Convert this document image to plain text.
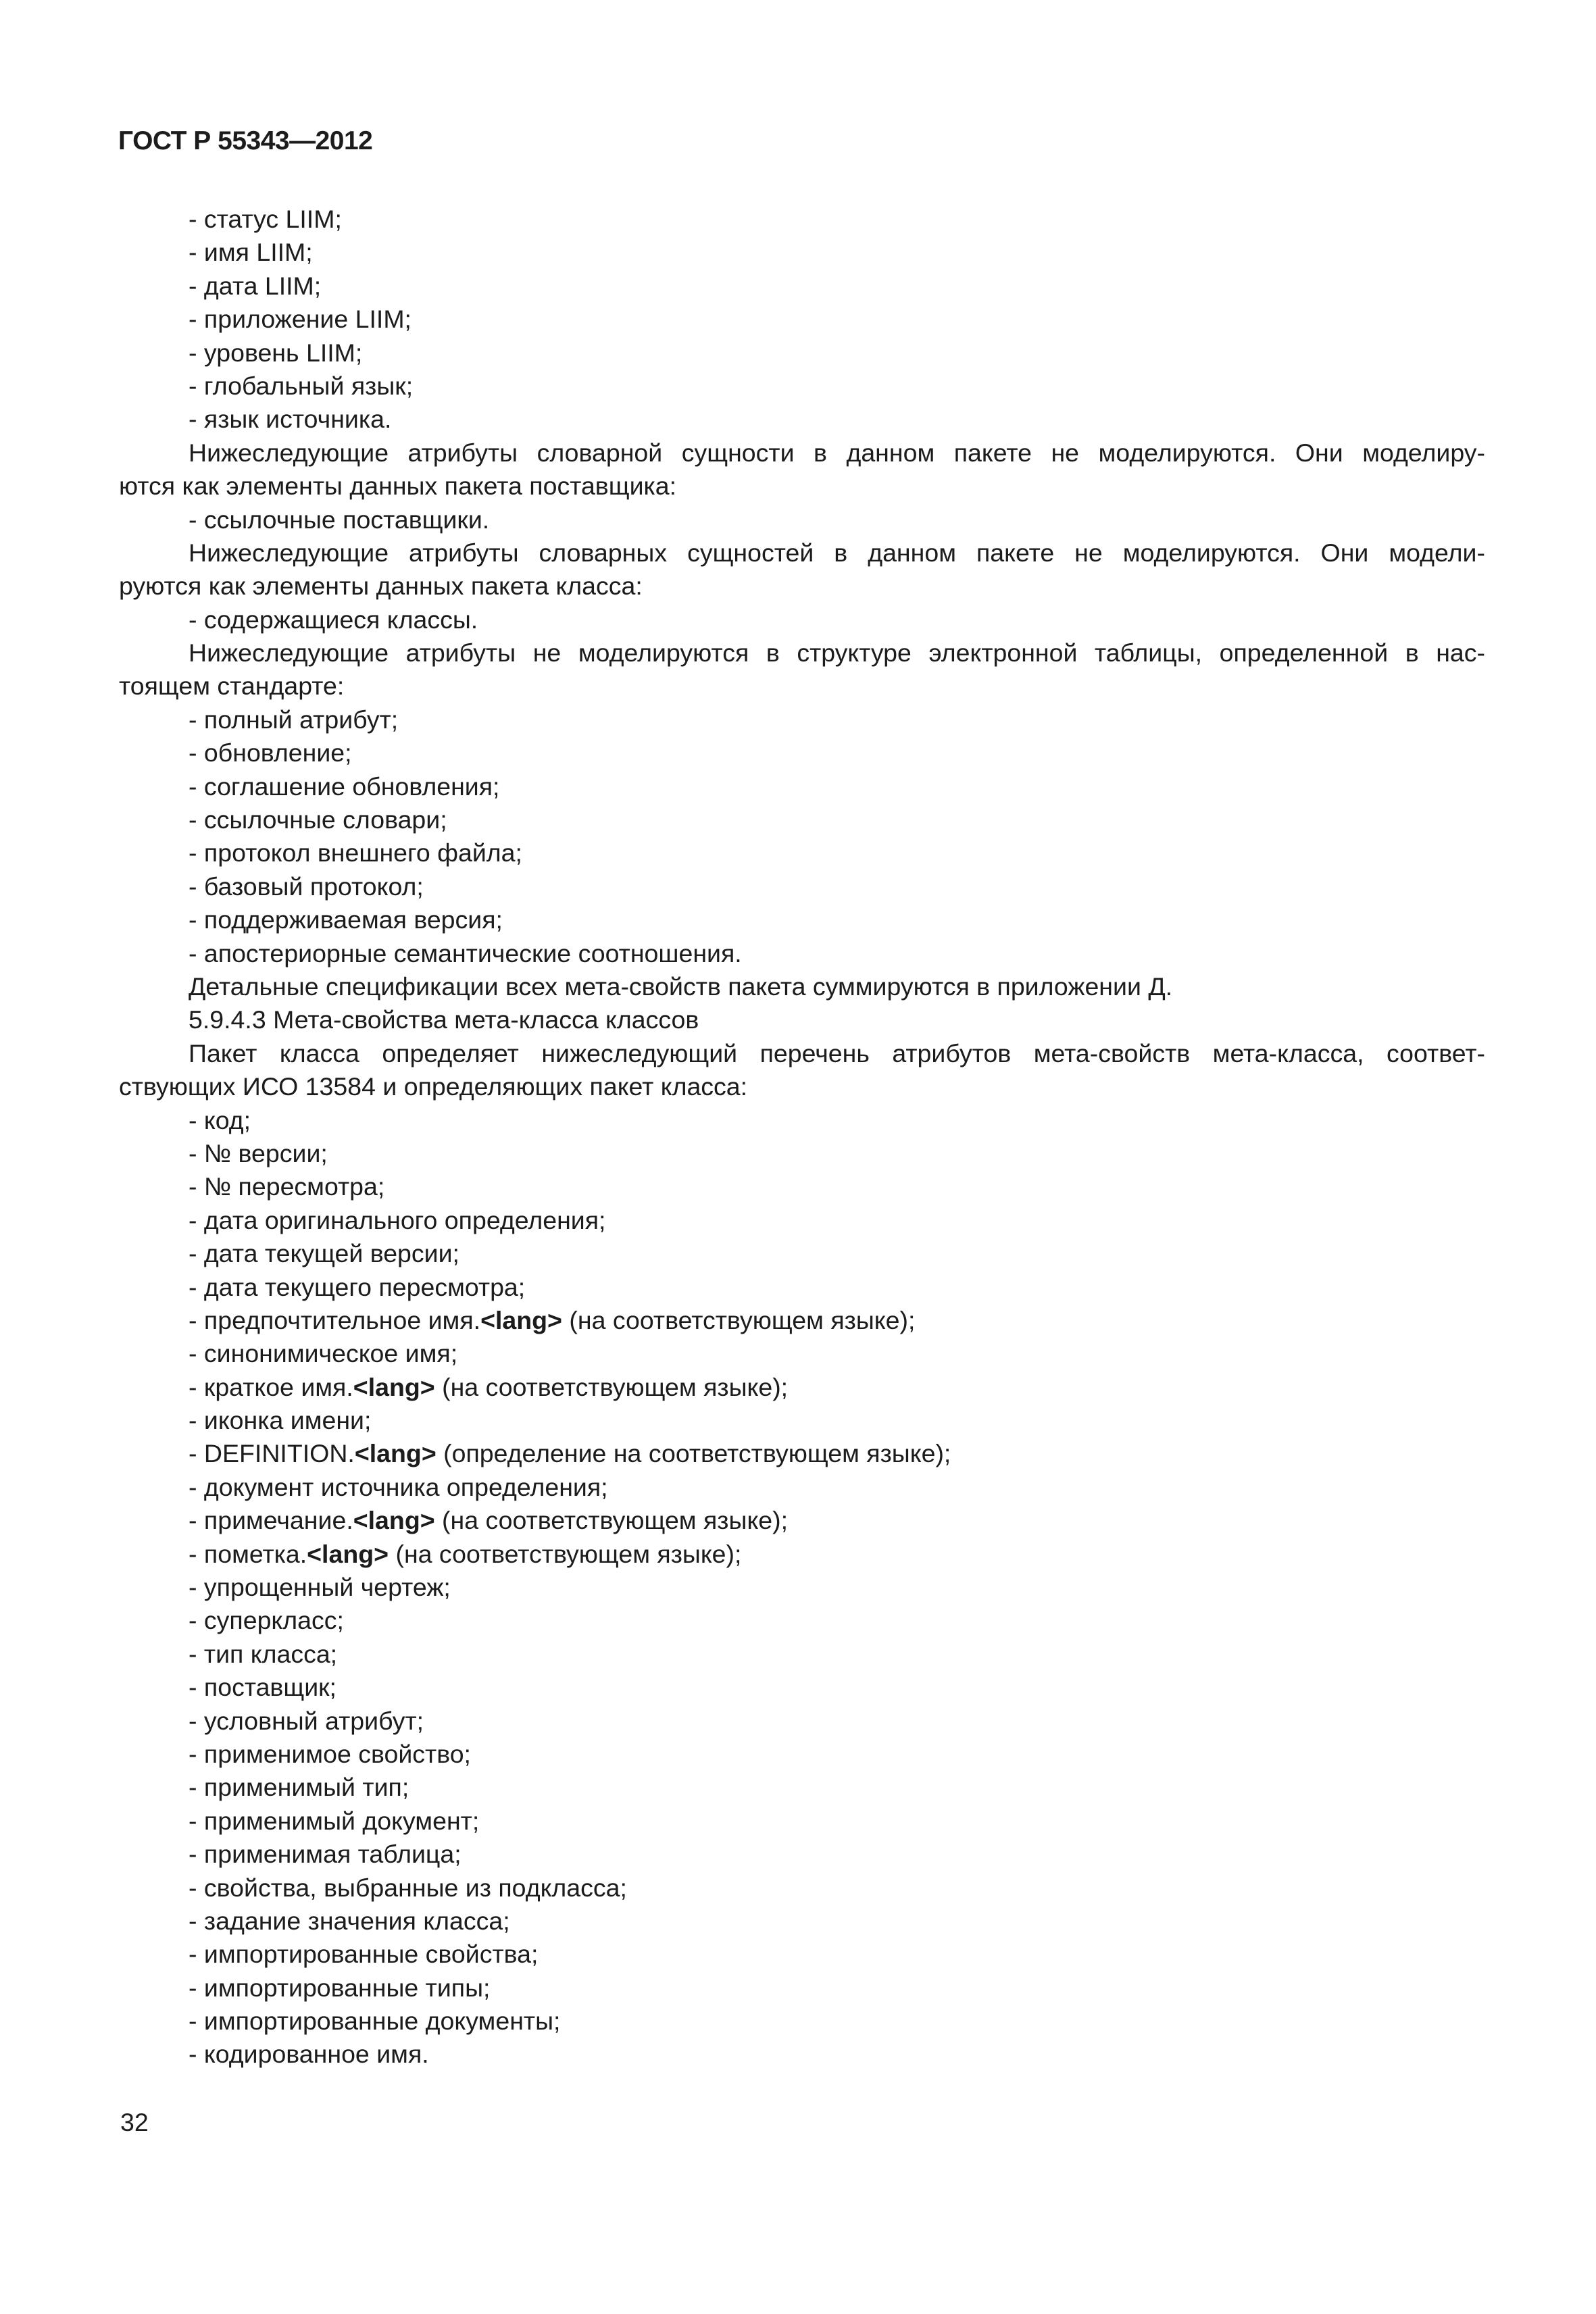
ГОСТ Р 55343—2012
- статус LIIM;
- имя LIIM;
- дата LIIM;
- приложение LIIM;
- уровень LIIM;
- глобальный язык;
- язык источника.
Нижеследующие атрибуты словарной сущности в данном пакете не моделируются. Они моделиру-
ются как элементы данных пакета поставщика:
- ссылочные поставщики.
Нижеследующие атрибуты словарных сущностей в данном пакете не моделируются. Они модели-
руются как элементы данных пакета класса:
- содержащиеся классы.
Нижеследующие атрибуты не моделируются в структуре электронной таблицы, определенной в нас-
тоящем стандарте:
- полный атрибут;
- обновление;
- соглашение обновления;
- ссылочные словари;
- протокол внешнего файла;
- базовый протокол;
- поддерживаемая версия;
- апостериорные семантические соотношения.
Детальные спецификации всех мета-свойств пакета суммируются в приложении Д.
5.9.4.3 Мета-свойства мета-класса классов
Пакет класса определяет нижеследующий перечень атрибутов мета-свойств мета-класса, соответ-
ствующих ИСО 13584 и определяющих пакет класса:
- код;
- № версии;
- № пересмотра;
- дата оригинального определения;
- дата текущей версии;
- дата текущего пересмотра;
- предпочтительное имя.<lang> (на соответствующем языке);
- синонимическое имя;
- краткое имя.<lang> (на соответствующем языке);
- иконка имени;
- DEFINITION.<lang> (определение на соответствующем языке);
- документ источника определения;
- примечание.<lang> (на соответствующем языке);
- пометка.<lang> (на соответствующем языке);
- упрощенный чертеж;
- суперкласс;
- тип класса;
- поставщик;
- условный атрибут;
- применимое свойство;
- применимый тип;
- применимый документ;
- применимая таблица;
- свойства, выбранные из подкласса;
- задание значения класса;
- импортированные свойства;
- импортированные типы;
- импортированные документы;
- кодированное имя.
32
